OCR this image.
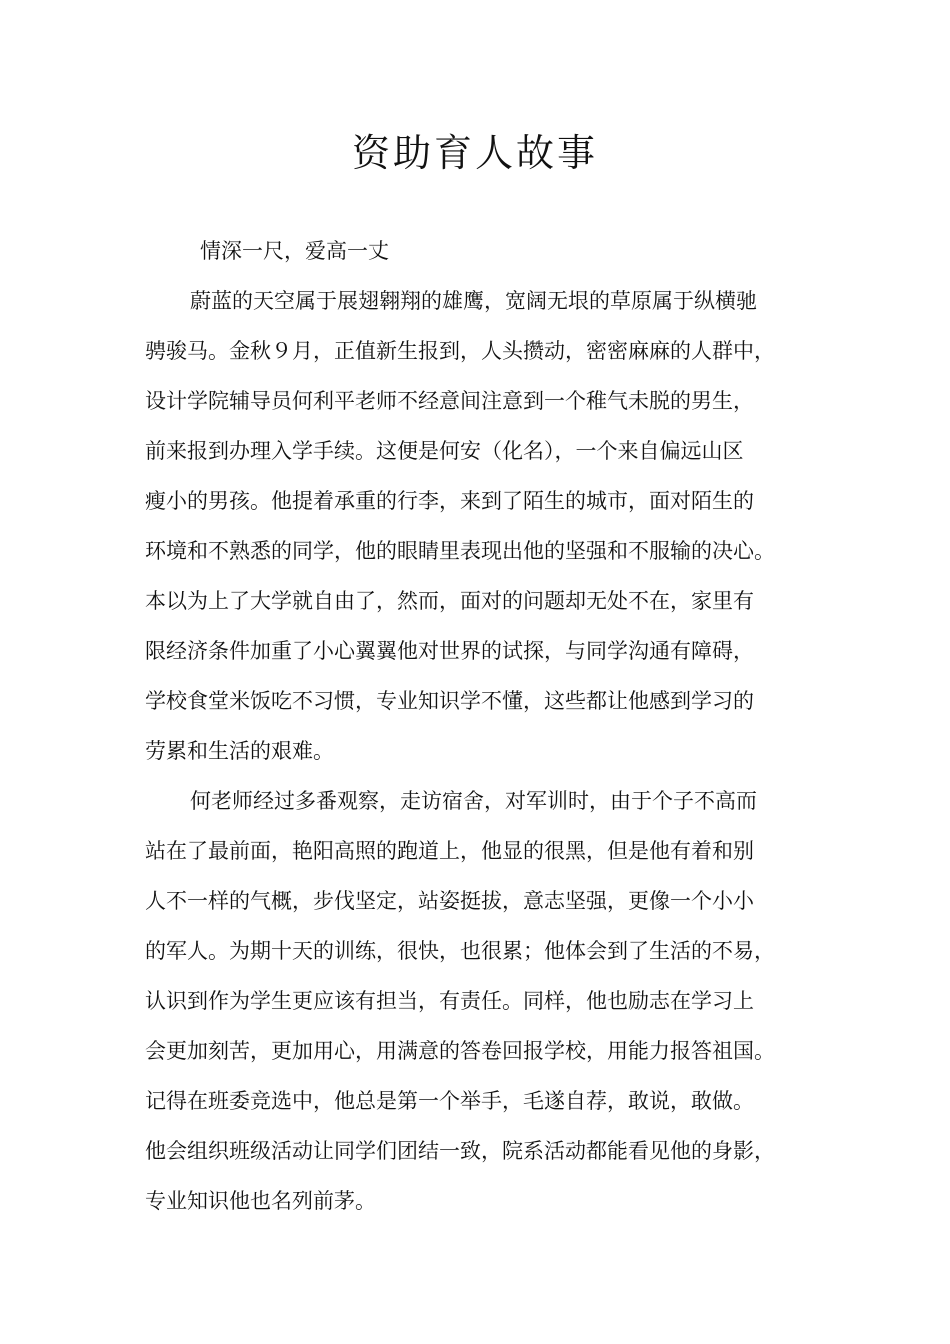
资助育人故事

情深一尺，爱高一丈

蔚蓝的天空属于展翅翱翔的雄鹰，宽阔无垠的草原属于纵横驰

骋骏马。金秋９月，正值新生报到，人头攒动，密密麻麻的人群中，

设计学院辅导员何利平老师不经意间注意到一个稚气未脱的男生，

前来报到办理入学手续。这便是何安（化名），一个来自偏远山区

瘦小的男孩。他提着承重的行李，来到了陌生的城市，面对陌生的

环境和不熟悉的同学，他的眼睛里表现出他的坚强和不服输的决心。

本以为上了大学就自由了，然而，面对的问题却无处不在，家里有

限经济条件加重了小心翼翼他对世界的试探，与同学沟通有障碍，

学校食堂米饭吃不习惯，专业知识学不懂，这些都让他感到学习的

劳累和生活的艰难。

何老师经过多番观察，走访宿舍，对军训时，由于个子不高而

站在了最前面，艳阳高照的跑道上，他显的很黑，但是他有着和别

人不一样的气概，步伐坚定，站姿挺拔，意志坚强，更像一个小小

的军人。为期十天的训练，很快，也很累；他体会到了生活的不易，

认识到作为学生更应该有担当，有责任。同样，他也励志在学习上

会更加刻苦，更加用心，用满意的答卷回报学校，用能力报答祖国。

记得在班委竞选中，他总是第一个举手，毛遂自荐，敢说，敢做。

他会组织班级活动让同学们团结一致，院系活动都能看见他的身影，

专业知识他也名列前茅。
